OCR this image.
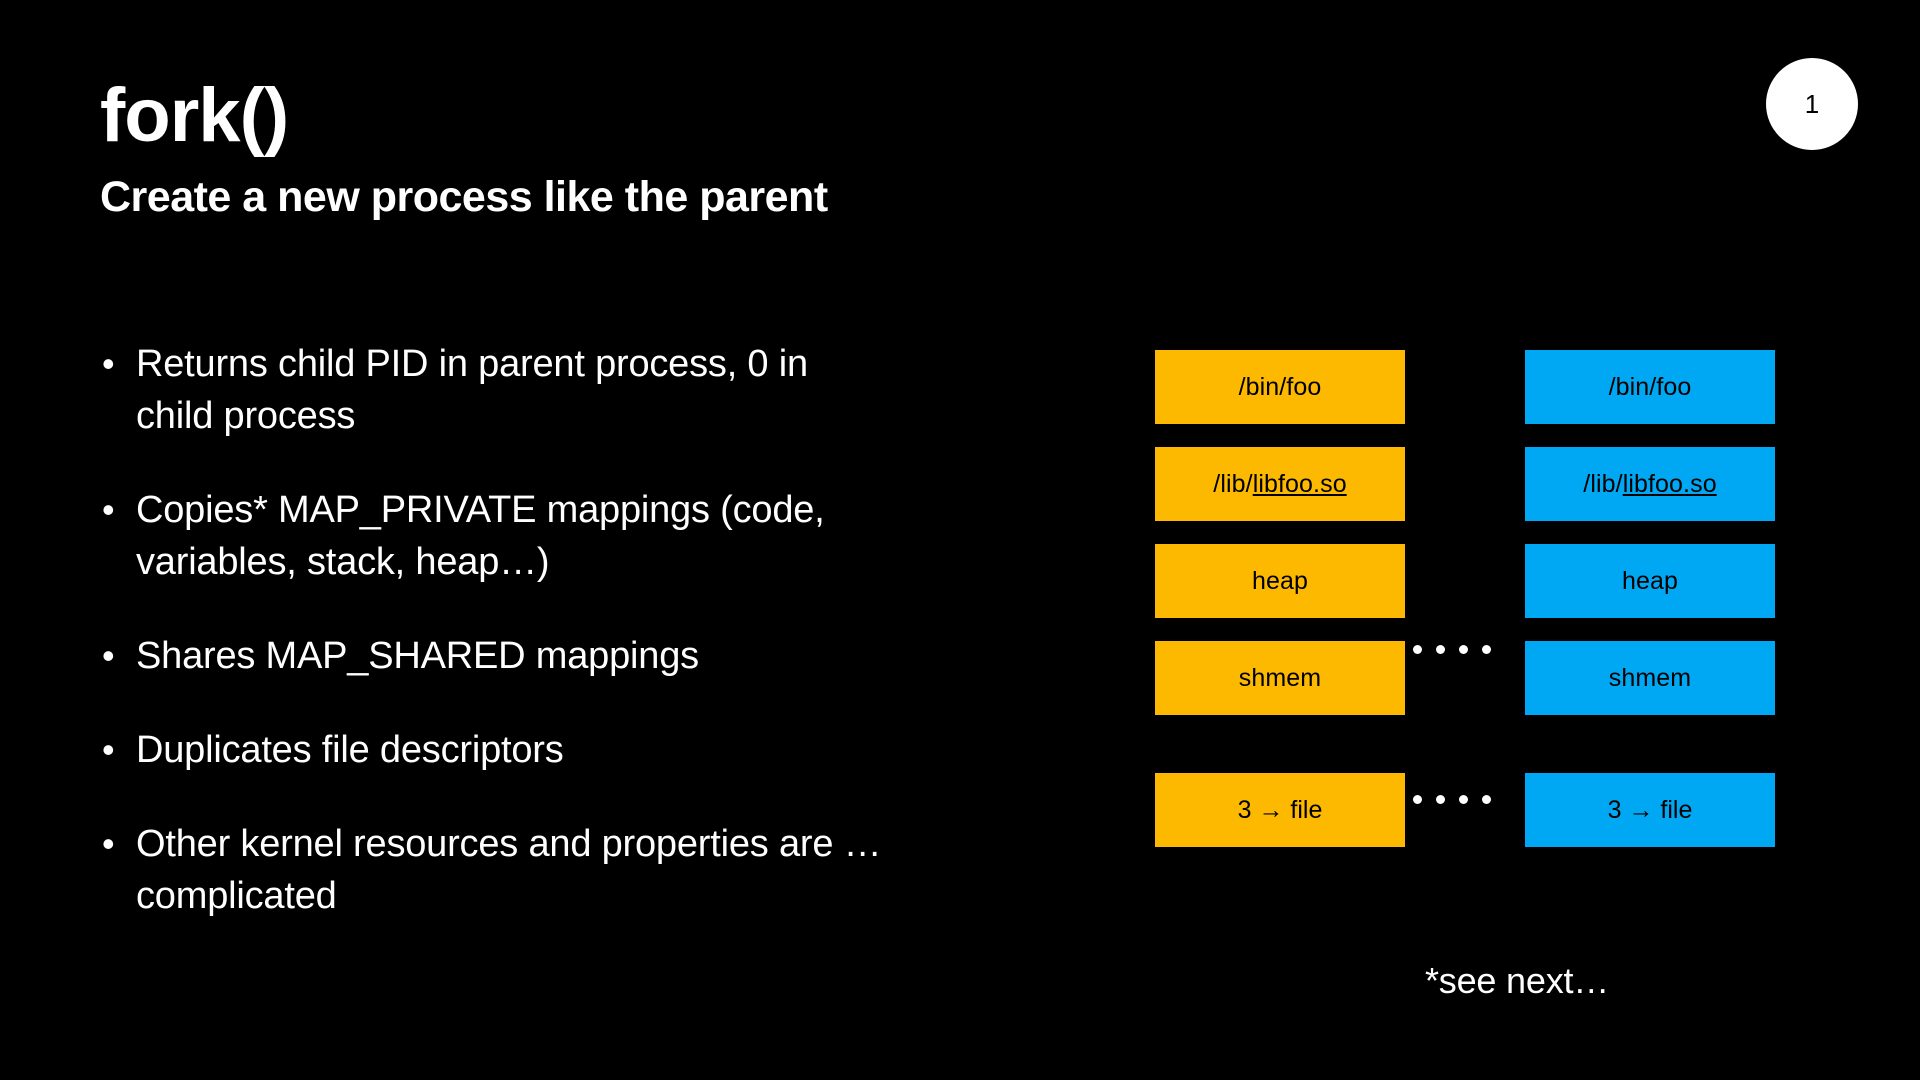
fork()
Create a new process like the parent
1
• Returns child PID in parent process, 0 in child process
• Copies* MAP_PRIVATE mappings (code, variables, stack, heap…)
• Shares MAP_SHARED mappings
• Duplicates file descriptors
• Other kernel resources and properties are … complicated
/bin/foo
/lib/ libfoo.so
heap
shmem
3 → file
/bin/foo
/lib/ libfoo.so
heap
shmem
3 → file
*see next…
